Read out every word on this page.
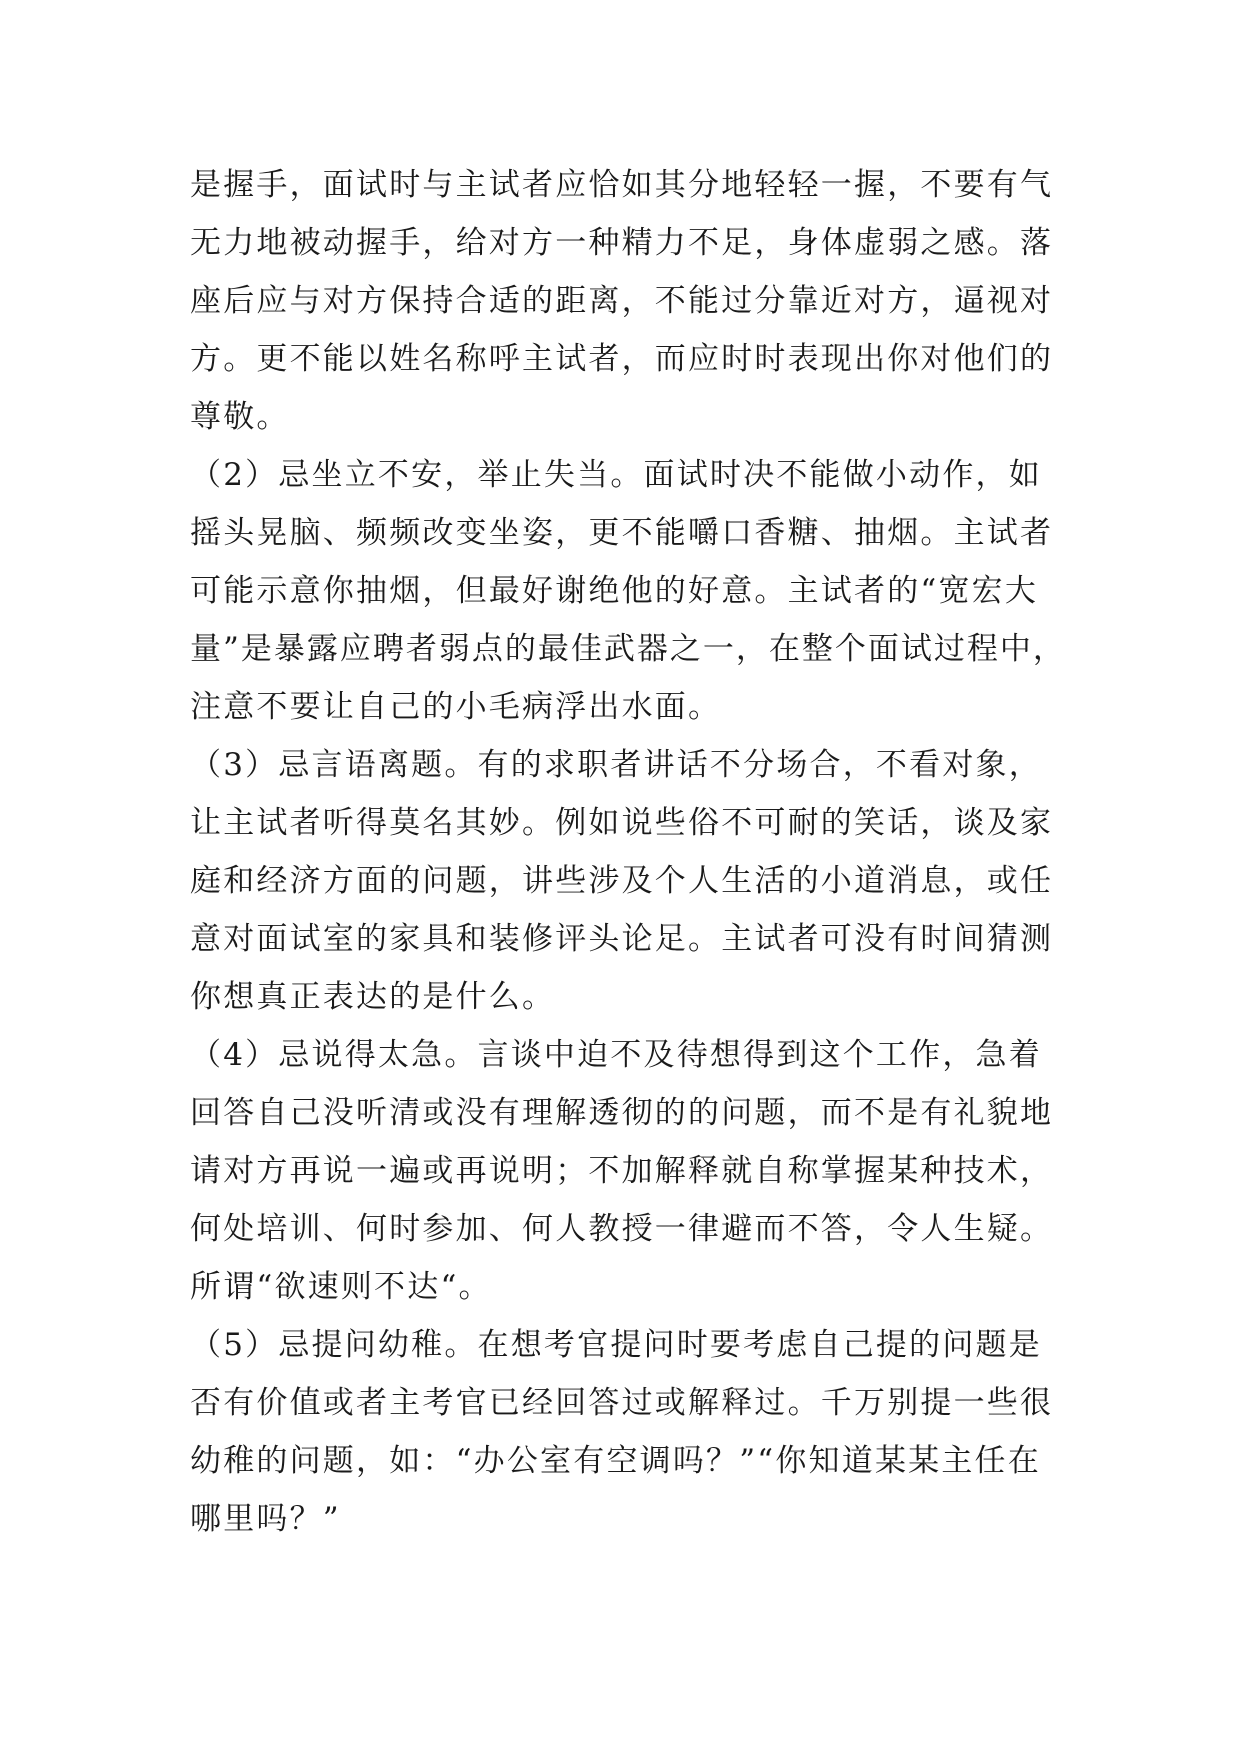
是握手，面试时与主试者应恰如其分地轻轻一握，不要有气
无力地被动握手，给对方一种精力不足，身体虚弱之感。落
座后应与对方保持合适的距离，不能过分靠近对方，逼视对
方。更不能以姓名称呼主试者，而应时时表现出你对他们的
尊敬。
（2）忌坐立不安，举止失当。面试时决不能做小动作，如
摇头晃脑、频频改变坐姿，更不能嚼口香糖、抽烟。主试者
可能示意你抽烟，但最好谢绝他的好意。主试者的“宽宏大
量”是暴露应聘者弱点的最佳武器之一，在整个面试过程中，
注意不要让自己的小毛病浮出水面。
（3）忌言语离题。有的求职者讲话不分场合，不看对象，
让主试者听得莫名其妙。例如说些俗不可耐的笑话，谈及家
庭和经济方面的问题，讲些涉及个人生活的小道消息，或任
意对面试室的家具和装修评头论足。主试者可没有时间猜测
你想真正表达的是什么。
（4）忌说得太急。言谈中迫不及待想得到这个工作，急着
回答自己没听清或没有理解透彻的的问题，而不是有礼貌地
请对方再说一遍或再说明；不加解释就自称掌握某种技术，
何处培训、何时参加、何人教授一律避而不答，令人生疑。
所谓“欲速则不达“。
（5）忌提问幼稚。在想考官提问时要考虑自己提的问题是
否有价值或者主考官已经回答过或解释过。千万别提一些很
幼稚的问题，如：“办公室有空调吗？”“你知道某某主任在
哪里吗？”
